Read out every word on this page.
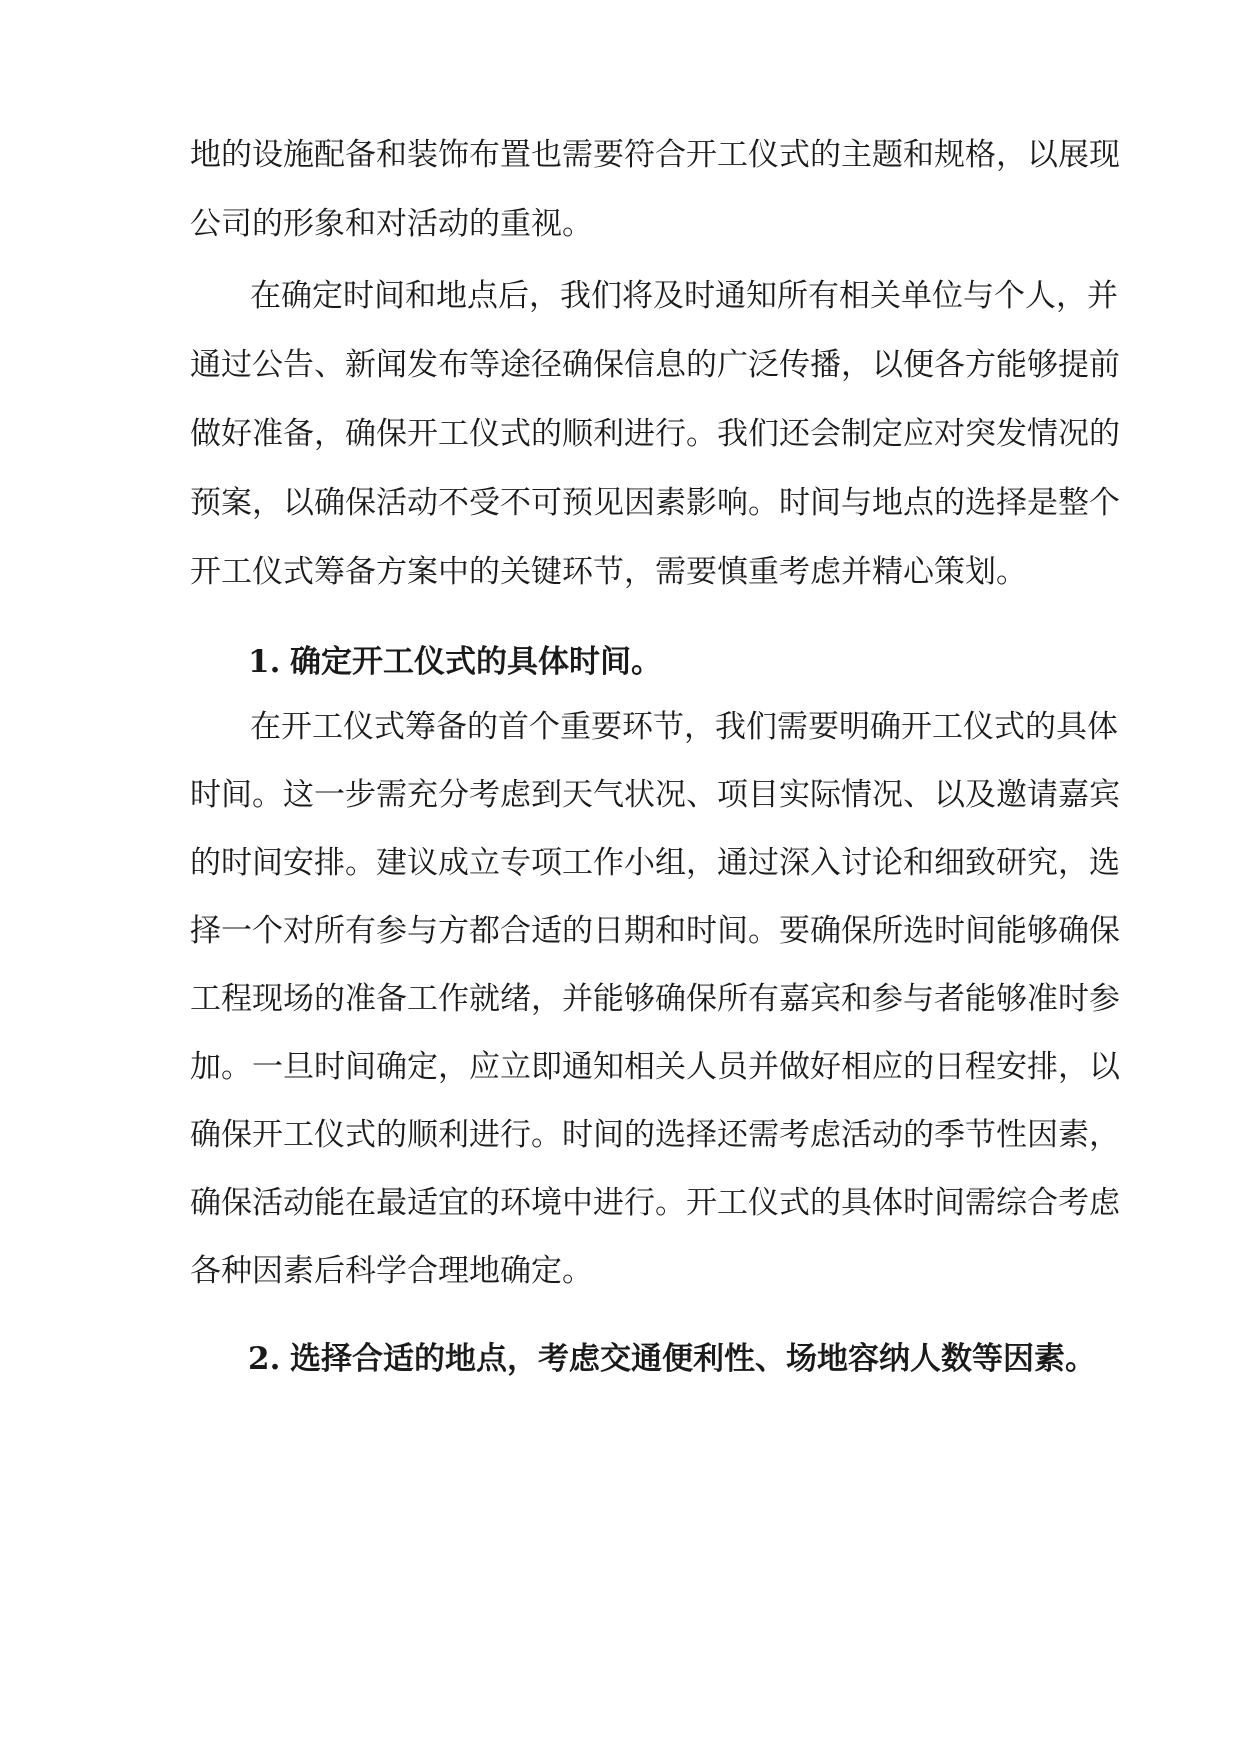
地的设施配备和装饰布置也需要符合开工仪式的主题和规格，以展现
公司的形象和对活动的重视。
在确定时间和地点后，我们将及时通知所有相关单位与个人，并
通过公告、新闻发布等途径确保信息的广泛传播，以便各方能够提前
做好准备，确保开工仪式的顺利进行。我们还会制定应对突发情况的
预案，以确保活动不受不可预见因素影响。时间与地点的选择是整个
开工仪式筹备方案中的关键环节，需要慎重考虑并精心策划。
1. 确定开工仪式的具体时间。
在开工仪式筹备的首个重要环节，我们需要明确开工仪式的具体
时间。这一步需充分考虑到天气状况、项目实际情况、以及邀请嘉宾
的时间安排。建议成立专项工作小组，通过深入讨论和细致研究，选
择一个对所有参与方都合适的日期和时间。要确保所选时间能够确保
工程现场的准备工作就绪，并能够确保所有嘉宾和参与者能够准时参
加。一旦时间确定，应立即通知相关人员并做好相应的日程安排，以
确保开工仪式的顺利进行。时间的选择还需考虑活动的季节性因素，
确保活动能在最适宜的环境中进行。开工仪式的具体时间需综合考虑
各种因素后科学合理地确定。
2. 选择合适的地点，考虑交通便利性、场地容纳人数等因素。
